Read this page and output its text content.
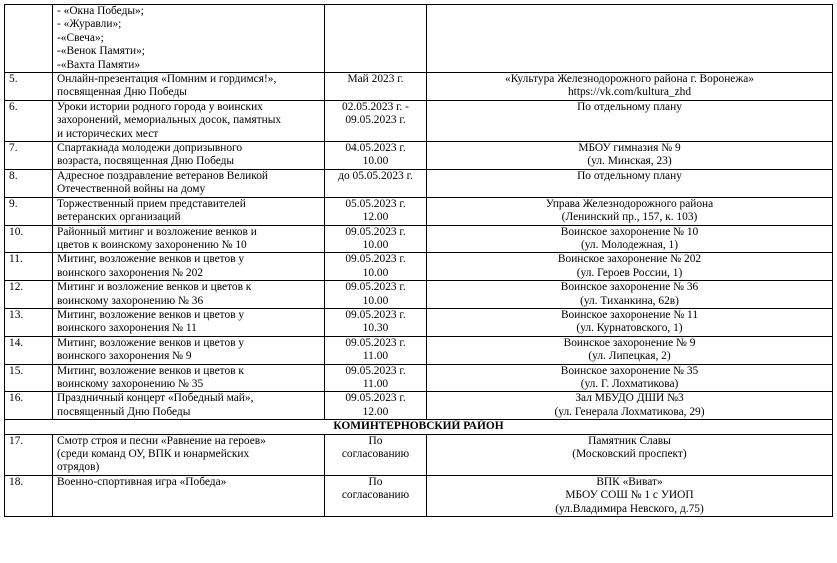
	- «Окна Победы»;
- «Журавли»;
-«Свеча»;
-«Венок Памяти»;
-«Вахта Памяти»		

5.	Онлайн-презентация «Помним и гордимся!»,
посвященная Дню Победы	Май 2023 г.	«Культура Железнодорожного района г. Воронежа»
https://vk.com/kultura_zhd

6.	Уроки истории родного города у воинских
захоронений, мемориальных досок, памятных
и исторических мест	02.05.2023 г. -
09.05.2023 г.	По отдельному плану

7.	Спартакиада молодежи допризывного
возраста, посвященная Дню Победы	04.05.2023 г.
10.00	МБОУ гимназия № 9
(ул. Минская, 23)

8.	Адресное поздравление ветеранов Великой
Отечественной войны на дому	до 05.05.2023 г.	По отдельному плану

9.	Торжественный прием представителей
ветеранских организаций	05.05.2023 г.
12.00	Управа Железнодорожного района
(Ленинский пр., 157, к. 103)

10.	Районный митинг и возложение венков и
цветов к воинскому захоронению № 10	09.05.2023 г.
10.00	Воинское захоронение № 10
(ул. Молодежная, 1)

11.	Митинг, возложение венков и цветов у
воинского захоронения № 202	09.05.2023 г.
10.00	Воинское захоронение № 202
(ул. Героев России, 1)

12.	Митинг и возложение венков и цветов к
воинскому захоронению № 36	09.05.2023 г.
10.00	Воинское захоронение № 36
(ул. Тиханкина, 62в)

13.	Митинг, возложение венков и цветов у
воинского захоронения № 11	09.05.2023 г.
10.30	Воинское захоронение № 11
(ул. Курнатовского, 1)

14.	Митинг, возложение венков и цветов у
воинского захоронения № 9	09.05.2023 г.
11.00	Воинское захоронение № 9
(ул. Липецкая, 2)

15.	Митинг, возложение венков и цветов к
воинскому захоронению № 35	09.05.2023 г.
11.00	Воинское захоронение № 35
(ул. Г. Лохматикова)

16.	Праздничный концерт «Победный май»,
посвященный Дню Победы	09.05.2023 г.
12.00	Зал МБУДО ДШИ №3
(ул. Генерала Лохматикова, 29)

КОМИНТЕРНОВСКИЙ РАЙОН			
17.	Смотр строя и песни «Равнение на героев»
(среди команд ОУ, ВПК и юнармейских
отрядов)	По
согласованию	Памятник Славы
(Московский проспект)

18.	Военно-спортивная игра «Победа»	По
согласованию	ВПК «Виват»
МБОУ СОШ № 1 с УИОП
(ул.Владимира Невского, д.75)
